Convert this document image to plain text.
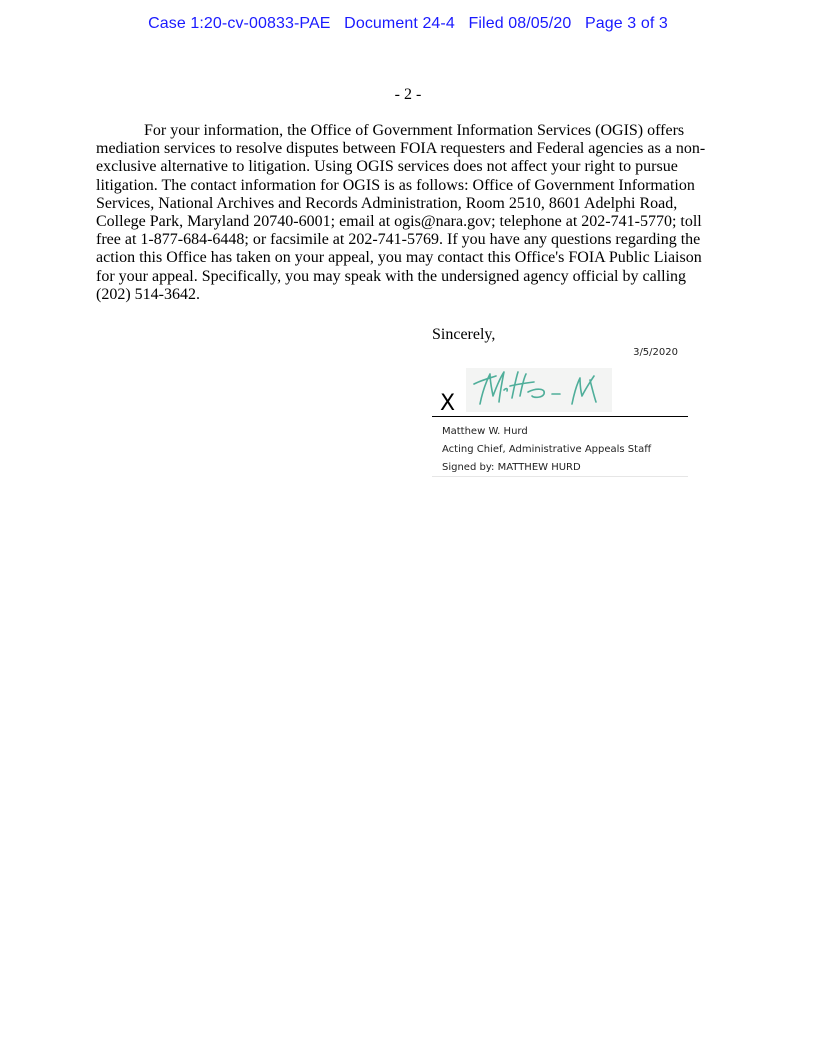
Case 1:20-cv-00833-PAE Document 24-4 Filed 08/05/20 Page 3 of 3
- 2 -
For your information, the Office of Government Information Services (OGIS) offers
mediation services to resolve disputes between FOIA requesters and Federal agencies as a non-
exclusive alternative to litigation. Using OGIS services does not affect your right to pursue
litigation. The contact information for OGIS is as follows: Office of Government Information
Services, National Archives and Records Administration, Room 2510, 8601 Adelphi Road,
College Park, Maryland 20740-6001; email at ogis@nara.gov; telephone at 202-741-5770; toll
free at 1-877-684-6448; or facsimile at 202-741-5769. If you have any questions regarding the
action this Office has taken on your appeal, you may contact this Office's FOIA Public Liaison
for your appeal. Specifically, you may speak with the undersigned agency official by calling
(202) 514-3642.
Sincerely,
3/5/2020
X
Matthew W. Hurd
Acting Chief, Administrative Appeals Staff
Signed by: MATTHEW HURD
